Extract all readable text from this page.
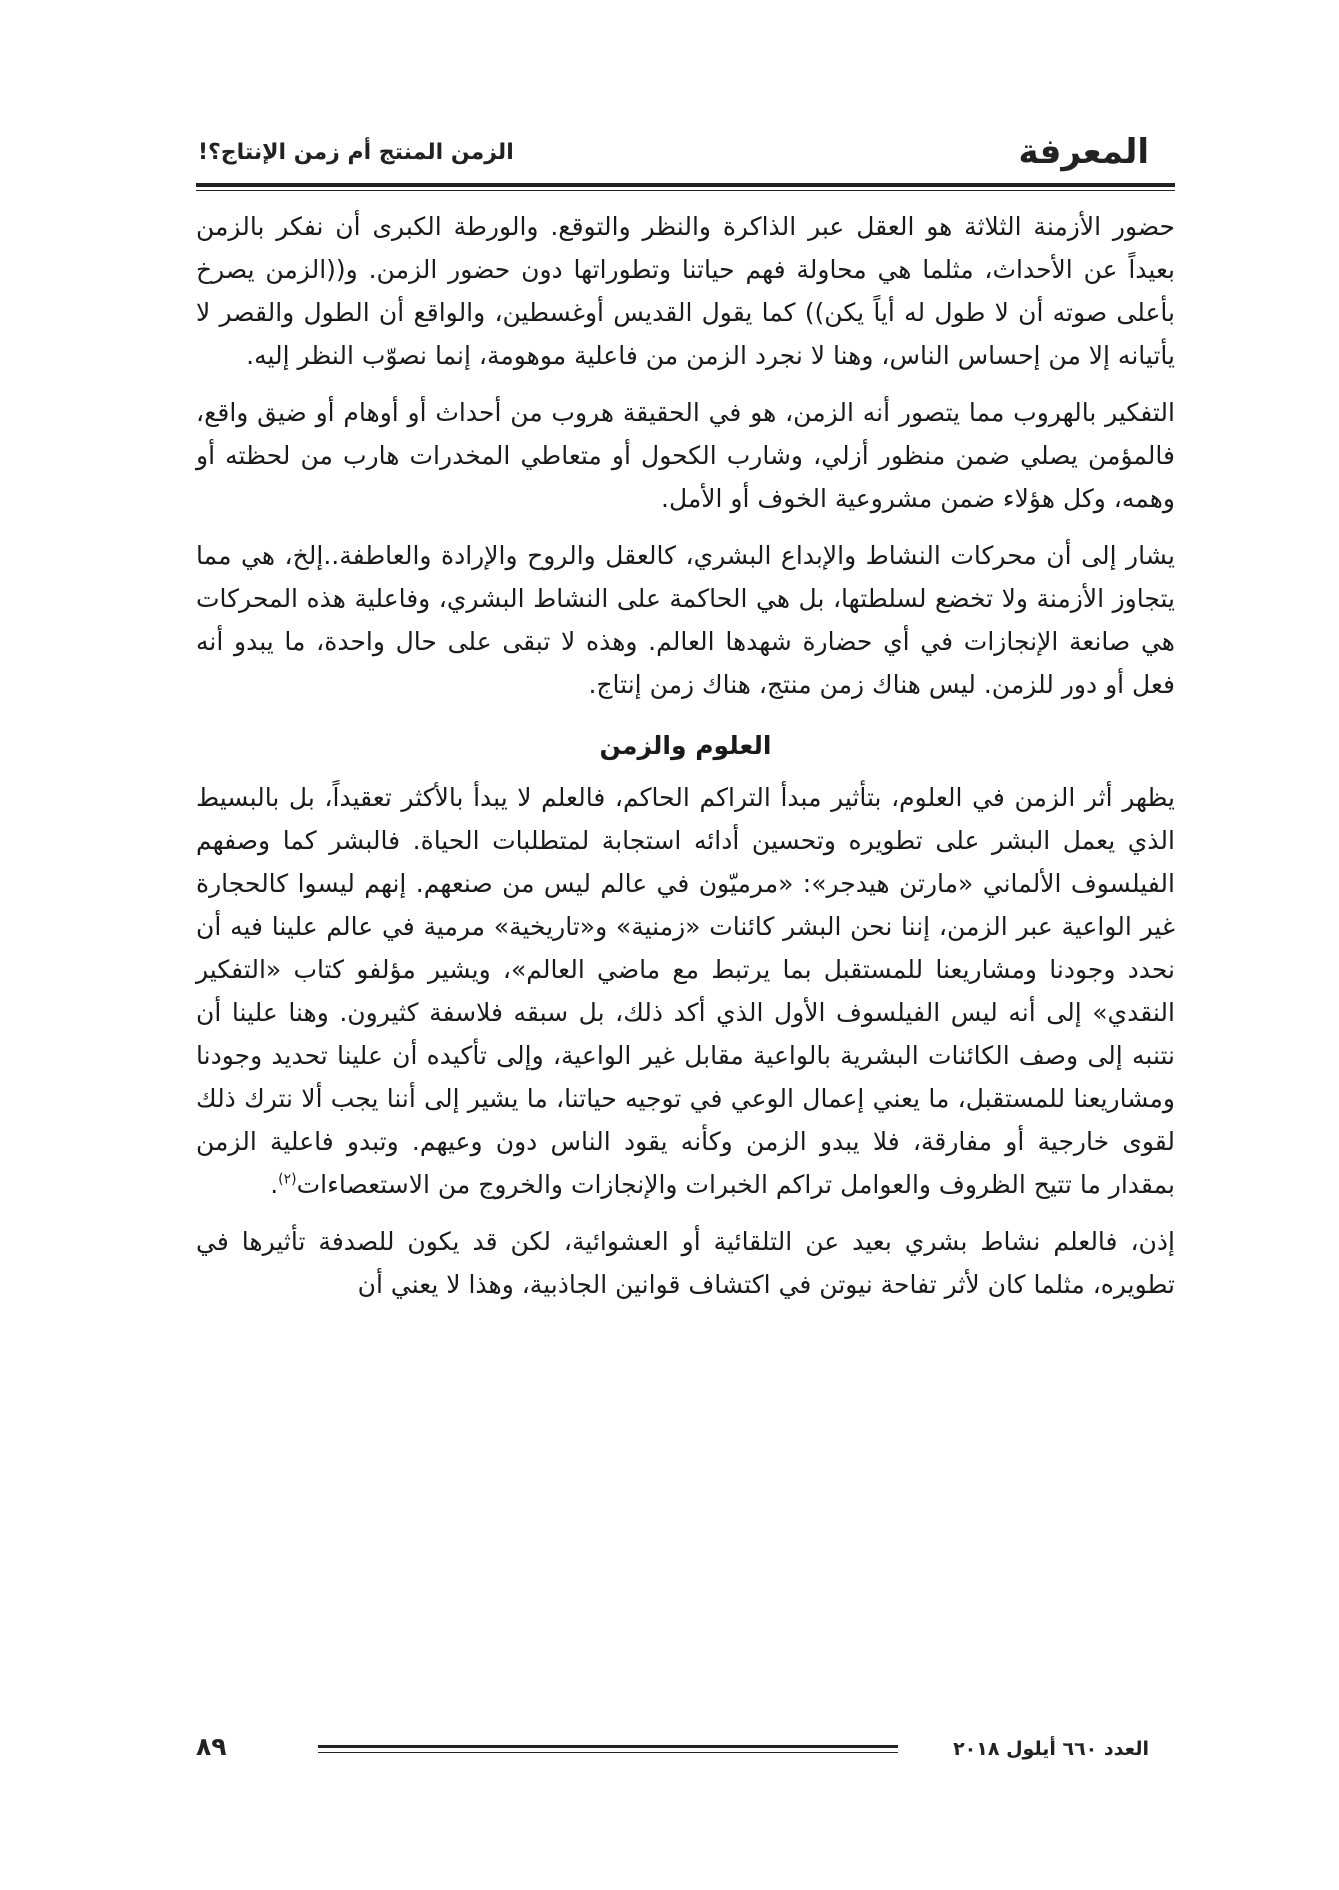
المعرفة
الزمن المنتج أم زمن الإنتاج؟!

حضور الأزمنة الثلاثة هو العقل عبر الذاكرة والنظر والتوقع. والورطة الكبرى أن نفكر بالزمن بعيداً عن الأحداث، مثلما هي محاولة فهم حياتنا وتطوراتها دون حضور الزمن. و((الزمن يصرخ بأعلى صوته أن لا طول له أياً يكن)) كما يقول القديس أوغسطين، والواقع أن الطول والقصر لا يأتيانه إلا من إحساس الناس، وهنا لا نجرد الزمن من فاعلية موهومة، إنما نصوّب النظر إليه.

التفكير بالهروب مما يتصور أنه الزمن، هو في الحقيقة هروب من أحداث أو أوهام أو ضيق واقع، فالمؤمن يصلي ضمن منظور أزلي، وشارب الكحول أو متعاطي المخدرات هارب من لحظته أو وهمه، وكل هؤلاء ضمن مشروعية الخوف أو الأمل.

يشار إلى أن محركات النشاط والإبداع البشري، كالعقل والروح والإرادة والعاطفة..إلخ، هي مما يتجاوز الأزمنة ولا تخضع لسلطتها، بل هي الحاكمة على النشاط البشري، وفاعلية هذه المحركات هي صانعة الإنجازات في أي حضارة شهدها العالم. وهذه لا تبقى على حال واحدة، ما يبدو أنه فعل أو دور للزمن. ليس هناك زمن منتج، هناك زمن إنتاج.

العلوم والزمن

يظهر أثر الزمن في العلوم، بتأثير مبدأ التراكم الحاكم، فالعلم لا يبدأ بالأكثر تعقيداً، بل بالبسيط الذي يعمل البشر على تطويره وتحسين أدائه استجابة لمتطلبات الحياة. فالبشر كما وصفهم الفيلسوف الألماني «مارتن هيدجر»: «مرميّون في عالم ليس من صنعهم. إنهم ليسوا كالحجارة غير الواعية عبر الزمن، إننا نحن البشر كائنات «زمنية» و«تاريخية» مرمية في عالم علينا فيه أن نحدد وجودنا ومشاريعنا للمستقبل بما يرتبط مع ماضي العالم»، ويشير مؤلفو كتاب «التفكير النقدي» إلى أنه ليس الفيلسوف الأول الذي أكد ذلك، بل سبقه فلاسفة كثيرون. وهنا علينا أن نتنبه إلى وصف الكائنات البشرية بالواعية مقابل غير الواعية، وإلى تأكيده أن علينا تحديد وجودنا ومشاريعنا للمستقبل، ما يعني إعمال الوعي في توجيه حياتنا، ما يشير إلى أننا يجب ألا نترك ذلك لقوى خارجية أو مفارقة، فلا يبدو الزمن وكأنه يقود الناس دون وعيهم. وتبدو فاعلية الزمن بمقدار ما تتيح الظروف والعوامل تراكم الخبرات والإنجازات والخروج من الاستعصاءات$^{(٢)}$.

إذن، فالعلم نشاط بشري بعيد عن التلقائية أو العشوائية، لكن قد يكون للصدفة تأثيرها في تطويره، مثلما كان لأثر تفاحة نيوتن في اكتشاف قوانين الجاذبية، وهذا لا يعني أن

العدد ٦٦٠ أيلول ٢٠١٨
٨٩
